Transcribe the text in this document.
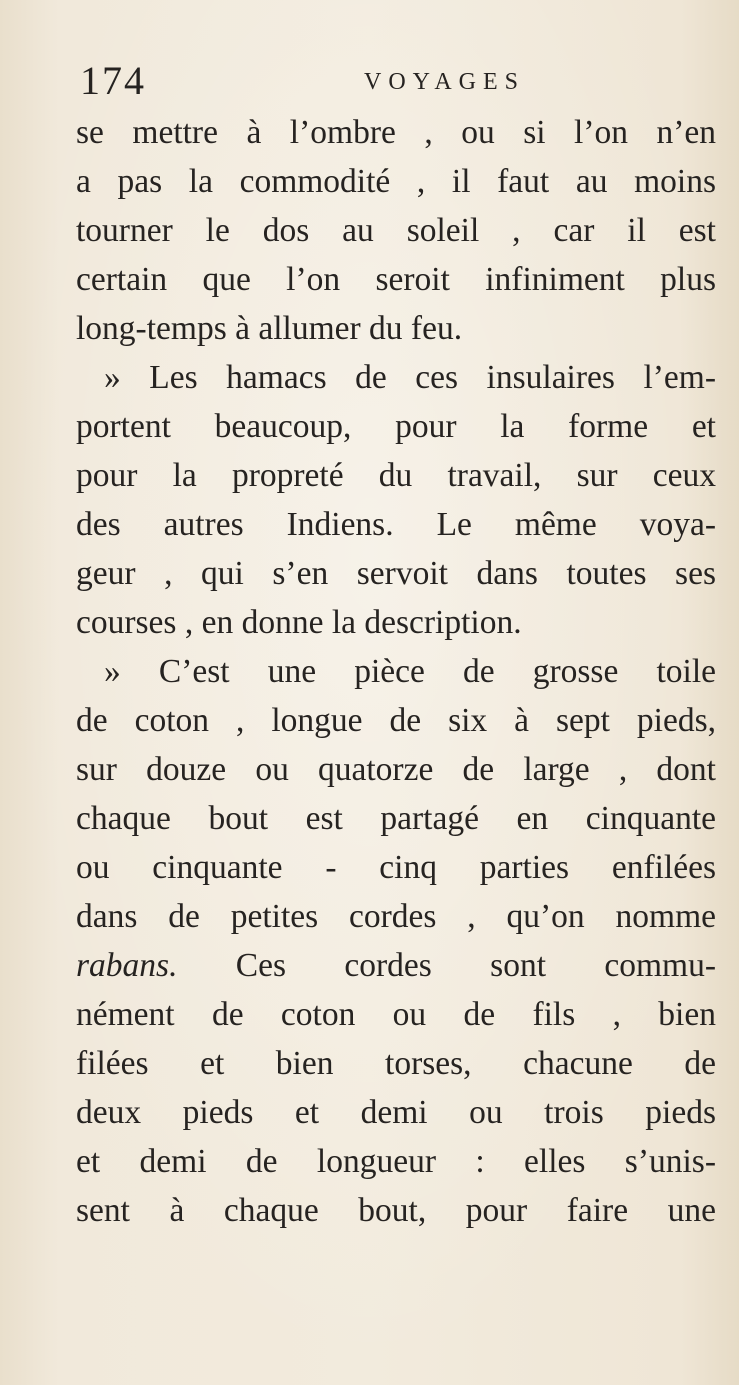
174	VOYAGES
se mettre à l’ombre , ou si l’on n’en
a pas la commodité , il faut au moins
tourner le dos au soleil , car il est
certain que l’on seroit infiniment plus
long-temps à allumer du feu.
» Les hamacs de ces insulaires l’em-
portent beaucoup, pour la forme et
pour la propreté du travail, sur ceux
des autres Indiens. Le même voya-
geur , qui s’en servoit dans toutes ses
courses , en donne la description.
» C’est une pièce de grosse toile
de coton , longue de six à sept pieds,
sur douze ou quatorze de large , dont
chaque bout est partagé en cinquante
ou cinquante - cinq parties enfilées
dans de petites cordes , qu’on nomme
rabans. Ces cordes sont commu-
nément de coton ou de fils , bien
filées et bien torses, chacune de
deux pieds et demi ou trois pieds
et demi de longueur : elles s’unis-
sent à chaque bout, pour faire une
